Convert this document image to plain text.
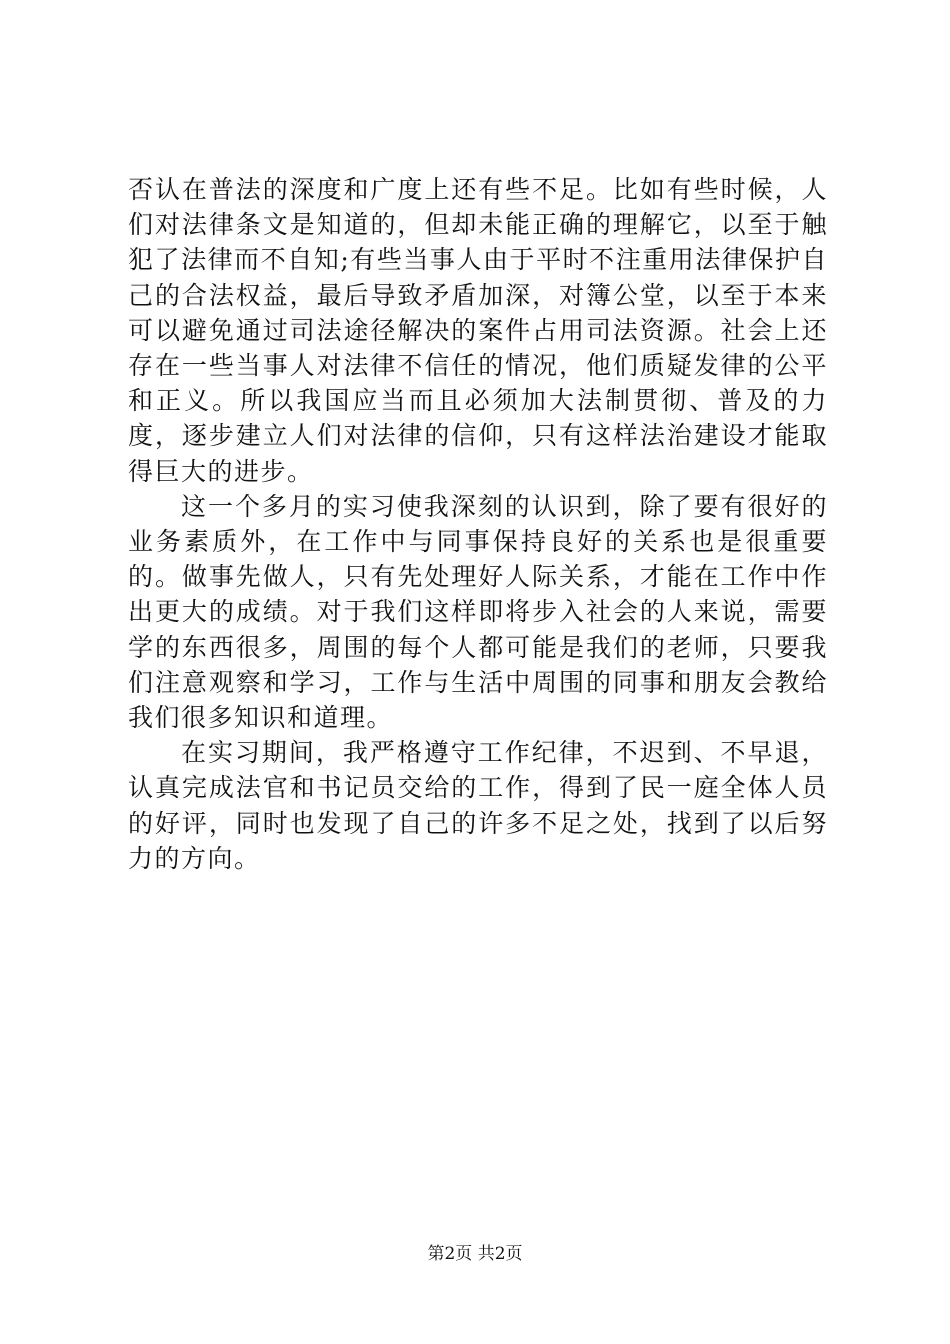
否认在普法的深度和广度上还有些不足。比如有些时候，人们对法律条文是知道的，但却未能正确的理解它，以至于触犯了法律而不自知;有些当事人由于平时不注重用法律保护自己的合法权益，最后导致矛盾加深，对簿公堂，以至于本来可以避免通过司法途径解决的案件占用司法资源。社会上还存在一些当事人对法律不信任的情况，他们质疑发律的公平和正义。所以我国应当而且必须加大法制贯彻、普及的力度，逐步建立人们对法律的信仰，只有这样法治建设才能取得巨大的进步。

这一个多月的实习使我深刻的认识到，除了要有很好的业务素质外，在工作中与同事保持良好的关系也是很重要的。做事先做人，只有先处理好人际关系，才能在工作中作出更大的成绩。对于我们这样即将步入社会的人来说，需要学的东西很多，周围的每个人都可能是我们的老师，只要我们注意观察和学习，工作与生活中周围的同事和朋友会教给我们很多知识和道理。

在实习期间，我严格遵守工作纪律，不迟到、不早退，认真完成法官和书记员交给的工作，得到了民一庭全体人员的好评，同时也发现了自己的许多不足之处，找到了以后努力的方向。

第2页 共2页
